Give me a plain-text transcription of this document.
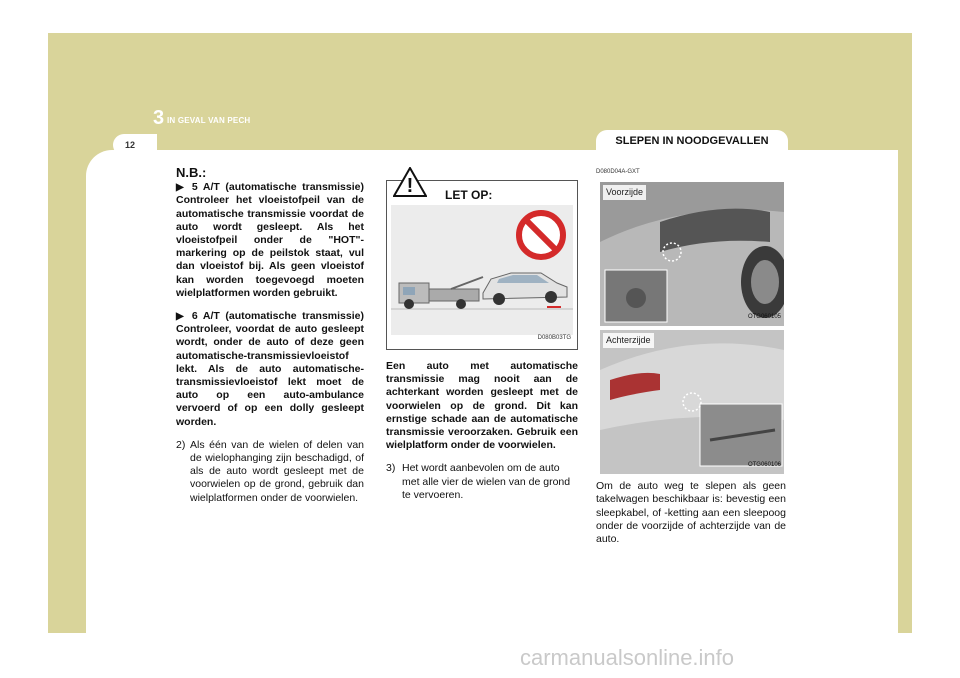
3 IN GEVAL VAN PECH
12	SLEPEN IN NOODGEVALLEN
N.B.:
▶ 5 A/T (automatische transmissie) Controleer het vloeistofpeil van de automatische transmissie voordat de auto wordt gesleept. Als het vloeistofpeil onder de "HOT"-markering op de peilstok staat, vul dan vloeistof bij. Als geen vloeistof kan worden toegevoegd moeten wielplatformen worden gebruikt.
▶ 6 A/T (automatische transmissie) Controleer, voordat de auto gesleept wordt, onder de auto of deze geen automatische-transmissievloeistof lekt. Als de auto automatische-transmissievloeistof lekt moet de auto op een auto-ambulance vervoerd of op een dolly gesleept worden.
2) Als één van de wielen of delen van de wielophanging zijn beschadigd, of als de auto wordt gesleept met de voorwielen op de grond, gebruik dan wielplatformen onder de voorwielen.
!	LET OP:
D080B03TG
Een auto met automatische transmissie mag nooit aan de achterkant worden gesleept met de voorwielen op de grond. Dit kan ernstige schade aan de automatische transmissie veroorzaken. Gebruik een wielplatform onder de voorwielen.
3) Het wordt aanbevolen om de auto met alle vier de wielen van de grond te vervoeren.
D080D04A-GXT
Voorzijde
OTG060105
Achterzijde
OTG060106
Om de auto weg te slepen als geen takelwagen beschikbaar is: bevestig een sleepkabel, of -ketting aan een sleepoog onder de voorzijde of achterzijde van de auto.
carmanualsonline.info
